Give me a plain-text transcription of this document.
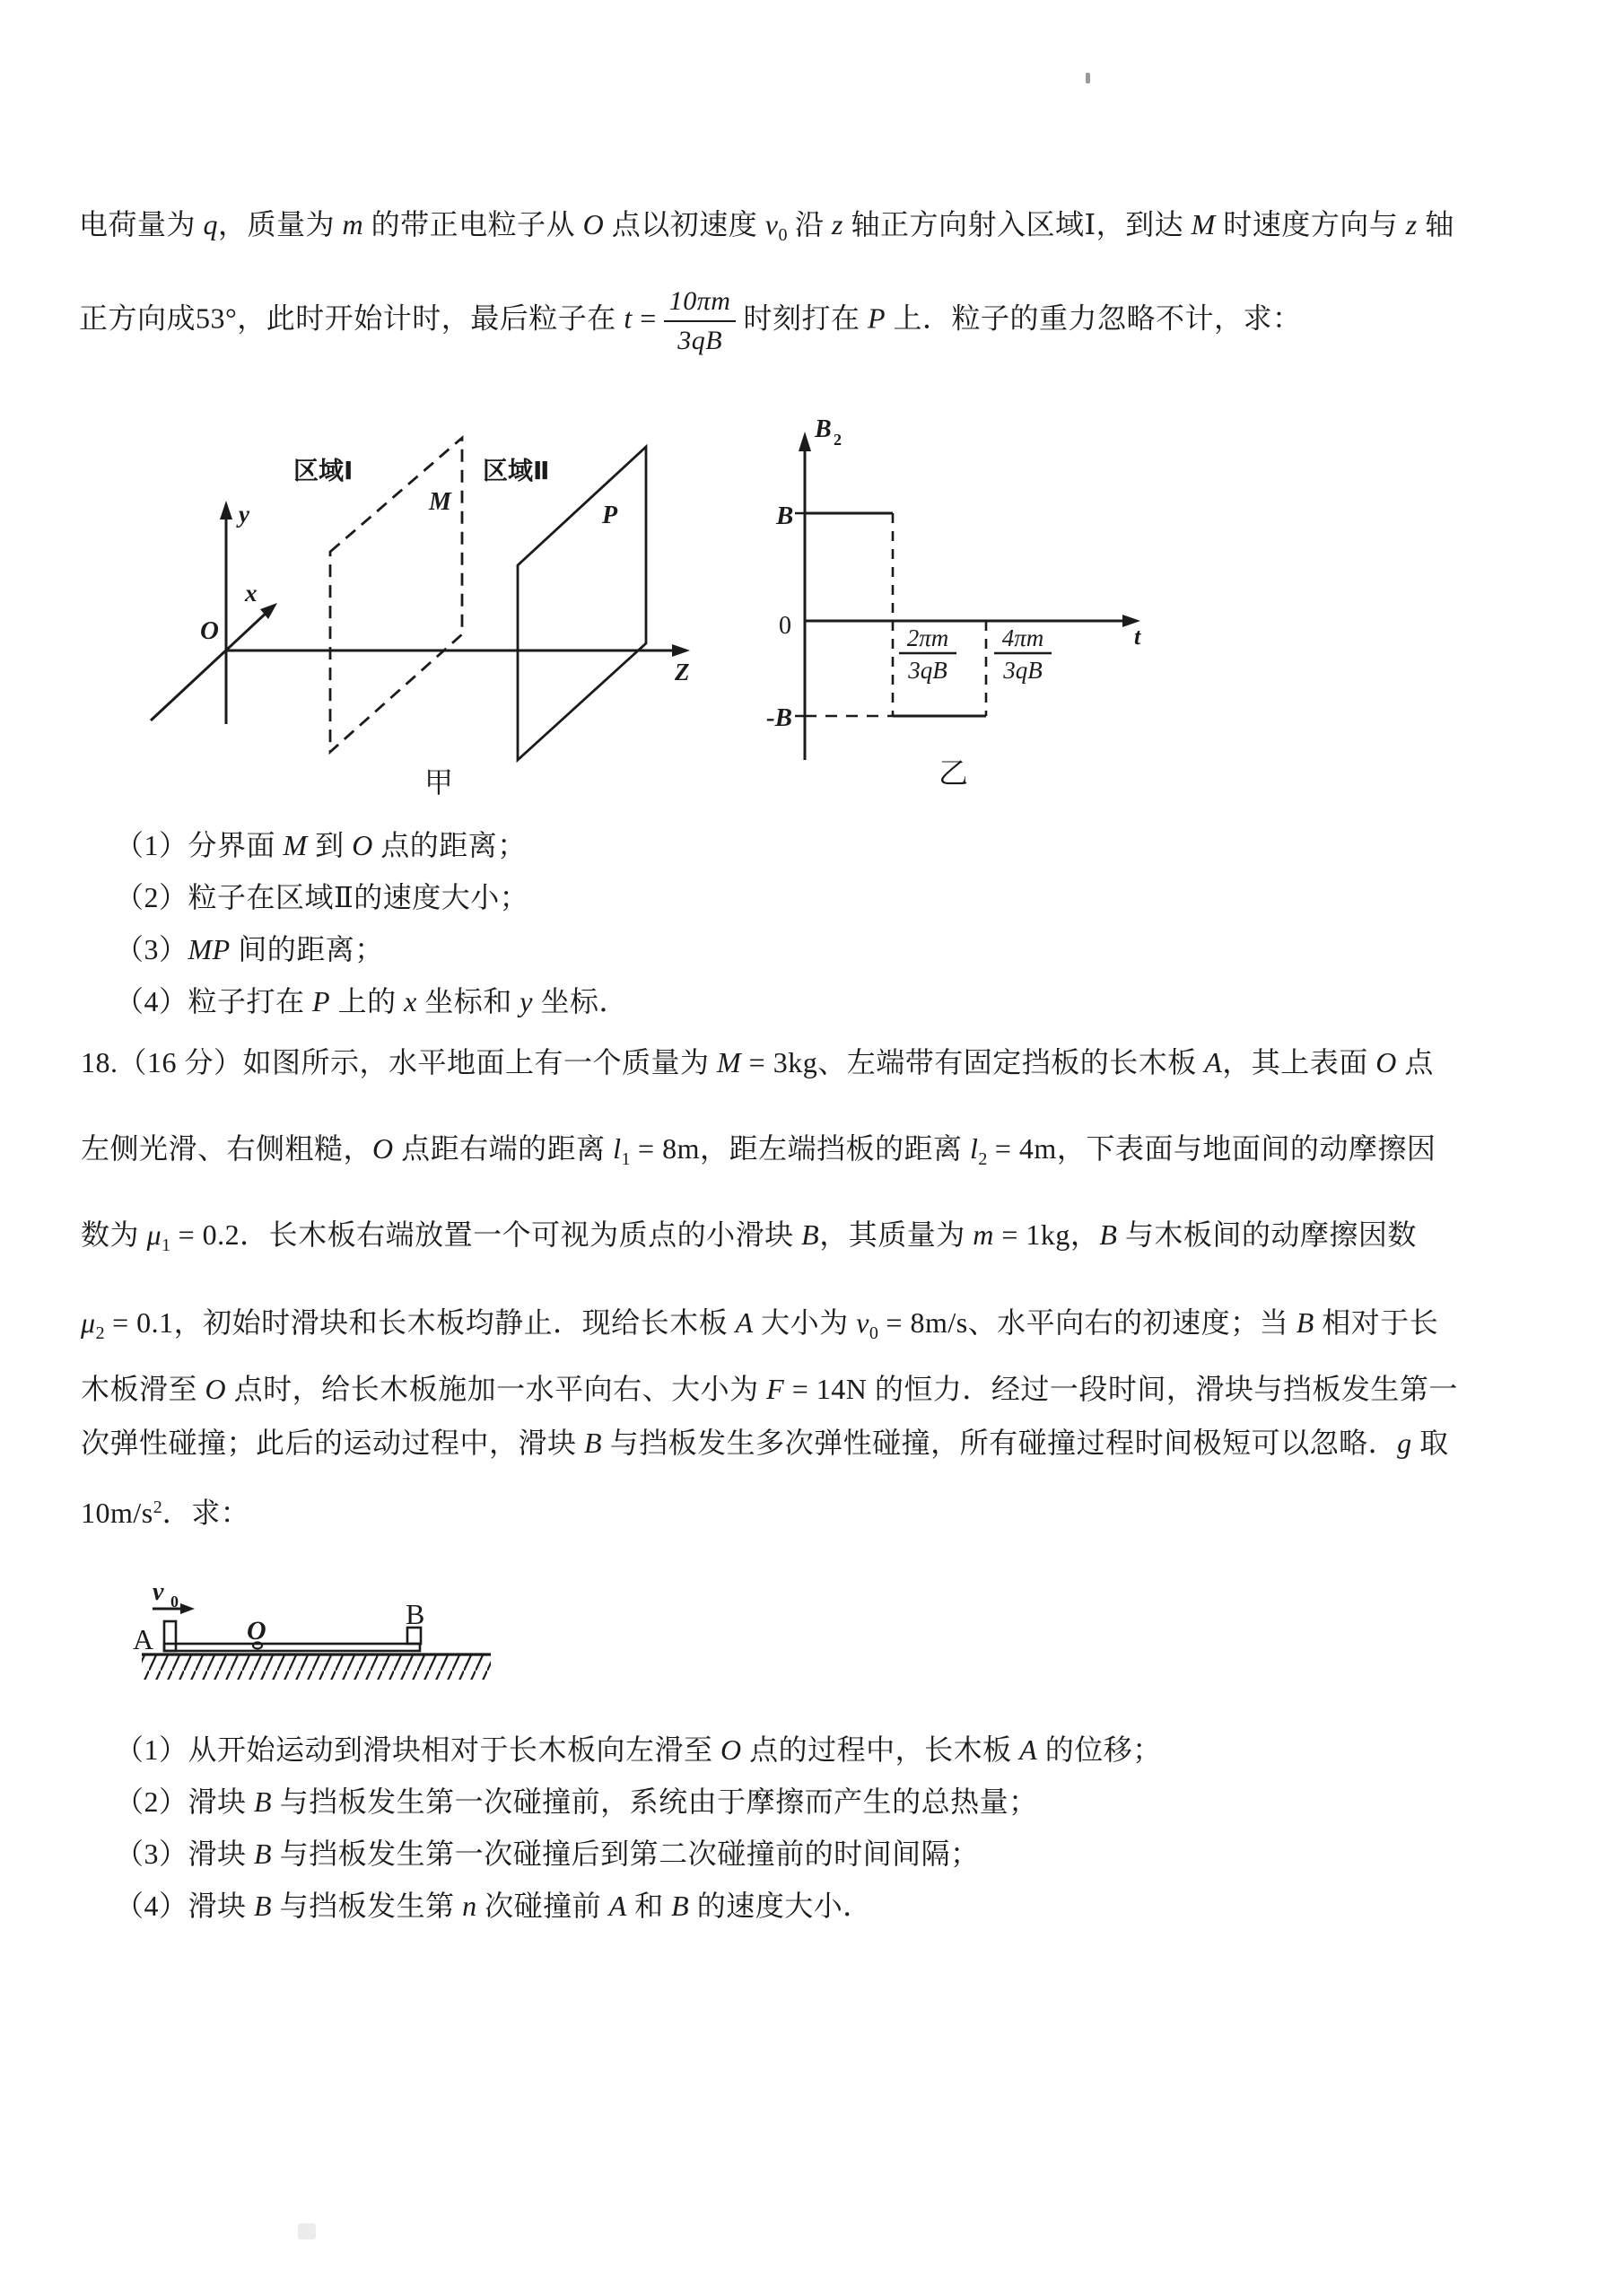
电荷量为 q，质量为 m 的带正电粒子从 O 点以初速度 $v_0$ 沿 z 轴正方向射入区域Ⅰ，到达 M 时速度方向与 z 轴
正方向成53°，此时开始计时，最后粒子在 $t = \frac{10\pi m}{3qB}$ 时刻打在 P 上．粒子的重力忽略不计，求：
区域Ⅰ	区域Ⅱ
M	P
O
x
y
Z
甲
B 2
B
0
-B
t
2πm
3qB
4πm
3qB
乙
（1）分界面 M 到 O 点的距离；
（2）粒子在区域Ⅱ的速度大小；
（3）MP 间的距离；
（4）粒子打在 P 上的 x 坐标和 y 坐标．
18.（16 分）如图所示，水平地面上有一个质量为 M = 3kg、左端带有固定挡板的长木板 A，其上表面 O 点
左侧光滑、右侧粗糙，O 点距右端的距离 $l_1 = 8m$，距左端挡板的距离 $l_2 = 4m$，下表面与地面间的动摩擦因
数为 $\mu_1 = 0.2$．长木板右端放置一个可视为质点的小滑块 B，其质量为 m = 1kg，B 与木板间的动摩擦因数
$\mu_2 = 0.1$，初始时滑块和长木板均静止．现给长木板 A 大小为 $v_0 = 8m/s$、水平向右的初速度；当 B 相对于长
木板滑至 O 点时，给长木板施加一水平向右、大小为 F = 14N 的恒力．经过一段时间，滑块与挡板发生第一
次弹性碰撞；此后的运动过程中，滑块 B 与挡板发生多次弹性碰撞，所有碰撞过程时间极短可以忽略．g 取
$10m/s^2$．求：
v 0
A	O
B
（1）从开始运动到滑块相对于长木板向左滑至 O 点的过程中，长木板 A 的位移；
（2）滑块 B 与挡板发生第一次碰撞前，系统由于摩擦而产生的总热量；
（3）滑块 B 与挡板发生第一次碰撞后到第二次碰撞前的时间间隔；
（4）滑块 B 与挡板发生第 n 次碰撞前 A 和 B 的速度大小．
